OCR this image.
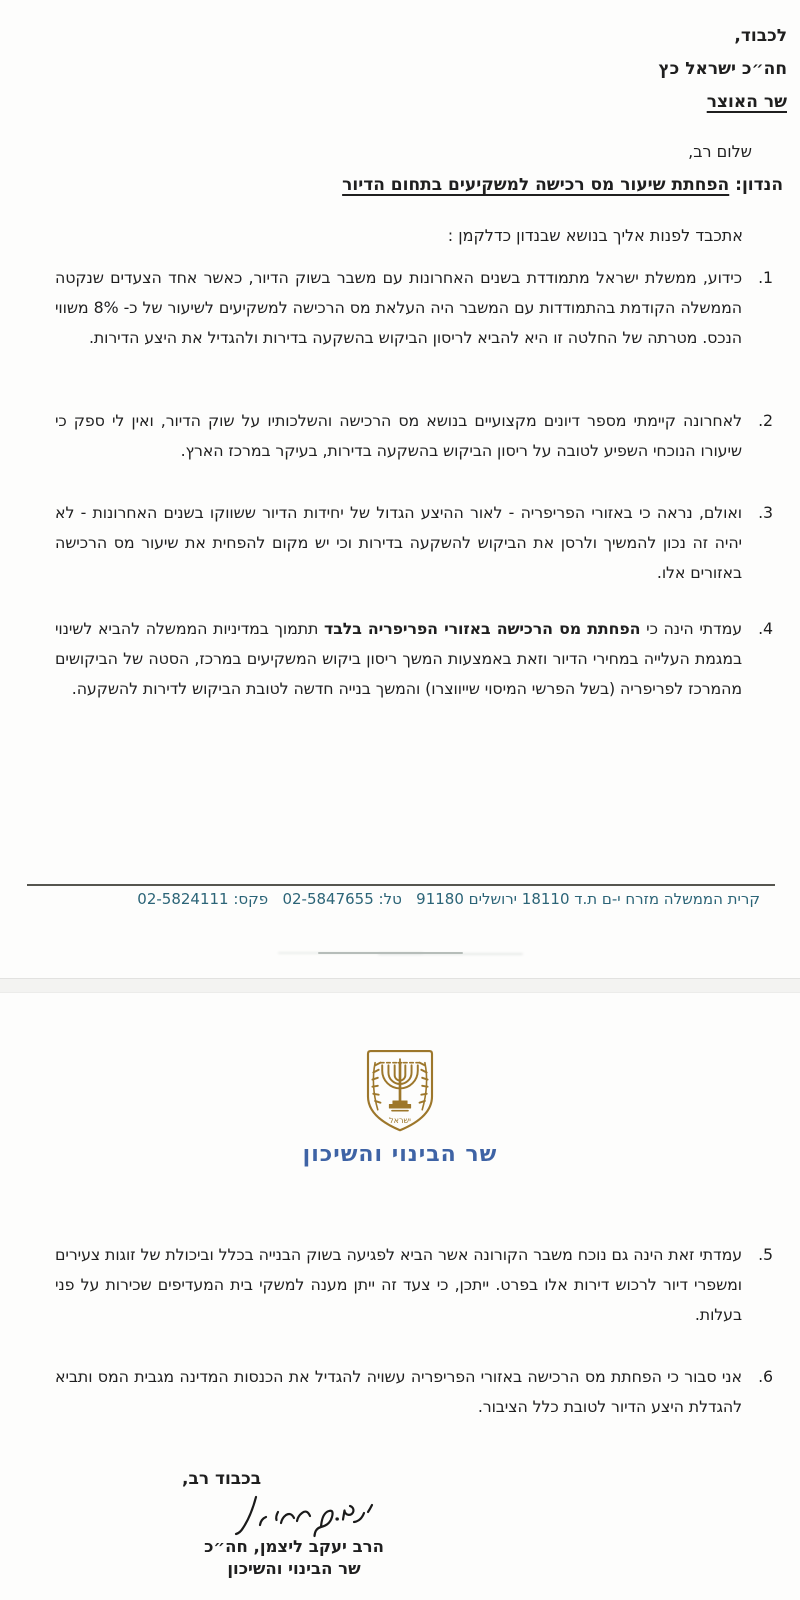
לכבוד,
חה״כ ישראל כץ
שר האוצר
שלום רב,
הנדון: הפחתת שיעור מס רכישה למשקיעים בתחום הדיור
אתכבד לפנות אליך בנושא שבנדון כדלקמן :
1.
כידוע, ממשלת ישראל מתמודדת בשנים האחרונות עם משבר בשוק הדיור, כאשר אחד הצעדים שנקטה הממשלה הקודמת בהתמודדות עם המשבר היה העלאת מס הרכישה למשקיעים לשיעור של כ- 8% משווי הנכס. מטרתה של החלטה זו היא להביא לריסון הביקוש בהשקעה בדירות ולהגדיל את היצע הדירות.
2.
לאחרונה קיימתי מספר דיונים מקצועיים בנושא מס הרכישה והשלכותיו על שוק הדיור, ואין לי ספק כי שיעורו הנוכחי השפיע לטובה על ריסון הביקוש בהשקעה בדירות, בעיקר במרכז הארץ.
3.
ואולם, נראה כי באזורי הפריפריה - לאור ההיצע הגדול של יחידות הדיור ששווקו בשנים האחרונות - לא יהיה זה נכון להמשיך ולרסן את הביקוש להשקעה בדירות וכי יש מקום להפחית את שיעור מס הרכישה באזורים אלו.
4.
עמדתי הינה כי הפחתת מס הרכישה באזורי הפריפריה בלבד תתמוך במדיניות הממשלה להביא לשינוי במגמת העלייה במחירי הדיור וזאת באמצעות המשך ריסון ביקוש המשקיעים במרכז, הסטה של הביקושים מהמרכז לפריפריה (בשל הפרשי המיסוי שייווצרו) והמשך בנייה חדשה לטובת הביקוש לדירות להשקעה.
קרית הממשלה מזרח י-ם ת.ד 18110 ירושלים 91180   טל: 02-5847655   פקס: 02-5824111
ישראל
שר הבינוי והשיכון
5.
עמדתי זאת הינה גם נוכח משבר הקורונה אשר הביא לפגיעה בשוק הבנייה בכלל וביכולת של זוגות צעירים ומשפרי דיור לרכוש דירות אלו בפרט. ייתכן, כי צעד זה ייתן מענה למשקי בית המעדיפים שכירות על פני בעלות.
6.
אני סבור כי הפחתת מס הרכישה באזורי הפריפריה עשויה להגדיל את הכנסות המדינה מגבית המס ותביא להגדלת היצע הדיור לטובת כלל הציבור.
בכבוד רב,
הרב יעקב ליצמן, חה״כ
שר הבינוי והשיכון
